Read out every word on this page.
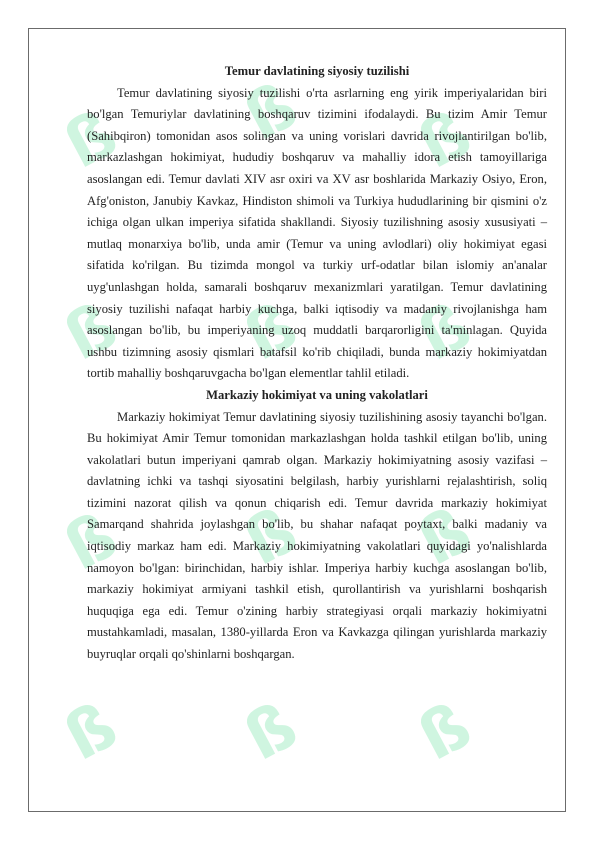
ß ß ß
ß ß ß
ß ß ß
ß ß ß

Temur davlatining siyosiy tuzilishi

Temur davlatining siyosiy tuzilishi o'rta asrlarning eng yirik imperiyalaridan biri bo'lgan Temuriylar davlatining boshqaruv tizimini ifodalaydi. Bu tizim Amir Temur (Sahibqiron) tomonidan asos solingan va uning vorislari davrida rivojlantirilgan bo'lib, markazlashgan hokimiyat, hududiy boshqaruv va mahalliy idora etish tamoyillariga asoslangan edi. Temur davlati XIV asr oxiri va XV asr boshlarida Markaziy Osiyo, Eron, Afg'oniston, Janubiy Kavkaz, Hindiston shimoli va Turkiya hududlarining bir qismini o'z ichiga olgan ulkan imperiya sifatida shakllandi. Siyosiy tuzilishning asosiy xususiyati – mutlaq monarxiya bo'lib, unda amir (Temur va uning avlodlari) oliy hokimiyat egasi sifatida ko'rilgan. Bu tizimda mongol va turkiy urf-odatlar bilan islomiy an'analar uyg'unlashgan holda, samarali boshqaruv mexanizmlari yaratilgan. Temur davlatining siyosiy tuzilishi nafaqat harbiy kuchga, balki iqtisodiy va madaniy rivojlanishga ham asoslangan bo'lib, bu imperiyaning uzoq muddatli barqarorligini ta'minlagan. Quyida ushbu tizimning asosiy qismlari batafsil ko'rib chiqiladi, bunda markaziy hokimiyatdan tortib mahalliy boshqaruvgacha bo'lgan elementlar tahlil etiladi.

Markaziy hokimiyat va uning vakolatlari

Markaziy hokimiyat Temur davlatining siyosiy tuzilishining asosiy tayanchi bo'lgan. Bu hokimiyat Amir Temur tomonidan markazlashgan holda tashkil etilgan bo'lib, uning vakolatlari butun imperiyani qamrab olgan. Markaziy hokimiyatning asosiy vazifasi – davlatning ichki va tashqi siyosatini belgilash, harbiy yurishlarni rejalashtirish, soliq tizimini nazorat qilish va qonun chiqarish edi. Temur davrida markaziy hokimiyat Samarqand shahrida joylashgan bo'lib, bu shahar nafaqat poytaxt, balki madaniy va iqtisodiy markaz ham edi. Markaziy hokimiyatning vakolatlari quyidagi yo'nalishlarda namoyon bo'lgan: birinchidan, harbiy ishlar. Imperiya harbiy kuchga asoslangan bo'lib, markaziy hokimiyat armiyani tashkil etish, qurollantirish va yurishlarni boshqarish huquqiga ega edi. Temur o'zining harbiy strategiyasi orqali markaziy hokimiyatni mustahkamladi, masalan, 1380-yillarda Eron va Kavkazga qilingan yurishlarda markaziy buyruqlar orqali qo'shinlarni boshqargan.
